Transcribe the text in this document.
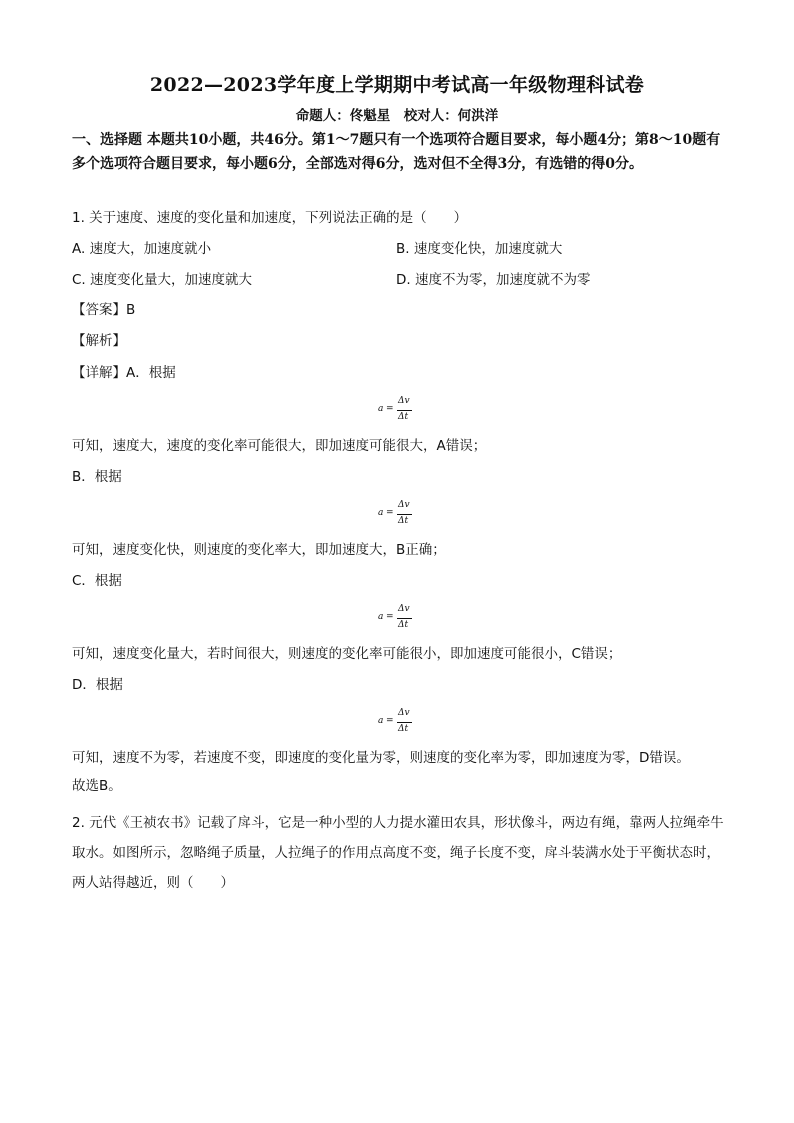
2022—2023学年度上学期期中考试高一年级物理科试卷
命题人：佟魁星　校对人：何洪洋
一、选择题 本题共10小题，共46分。第1～7题只有一个选项符合题目要求，每小题4分；第8～10题有多个选项符合题目要求，每小题6分，全部选对得6分，选对但不全得3分，有选错的得0分。
1. 关于速度、速度的变化量和加速度，下列说法正确的是（　　）
A. 速度大，加速度就小	B. 速度变化快，加速度就大
C. 速度变化量大，加速度就大	D. 速度不为零，加速度就不为零
【答案】B
【解析】
【详解】A．根据
a =
Δv
Δt
可知，速度大，速度的变化率可能很大，即加速度可能很大，A错误；
B．根据
a =
Δv
Δt
可知，速度变化快，则速度的变化率大，即加速度大，B正确；
C．根据
a =
Δv
Δt
可知，速度变化量大，若时间很大，则速度的变化率可能很小，即加速度可能很小，C错误；
D．根据
a =
Δv
Δt
可知，速度不为零，若速度不变，即速度的变化量为零，则速度的变化率为零，即加速度为零，D错误。
故选B。
2. 元代《王祯农书》记载了戽斗，它是一种小型的人力提水灌田农具，形状像斗，两边有绳，靠两人拉绳牵牛取水。如图所示，忽略绳子质量，人拉绳子的作用点高度不变，绳子长度不变，戽斗装满水处于平衡状态时，两人站得越近，则（　　）
